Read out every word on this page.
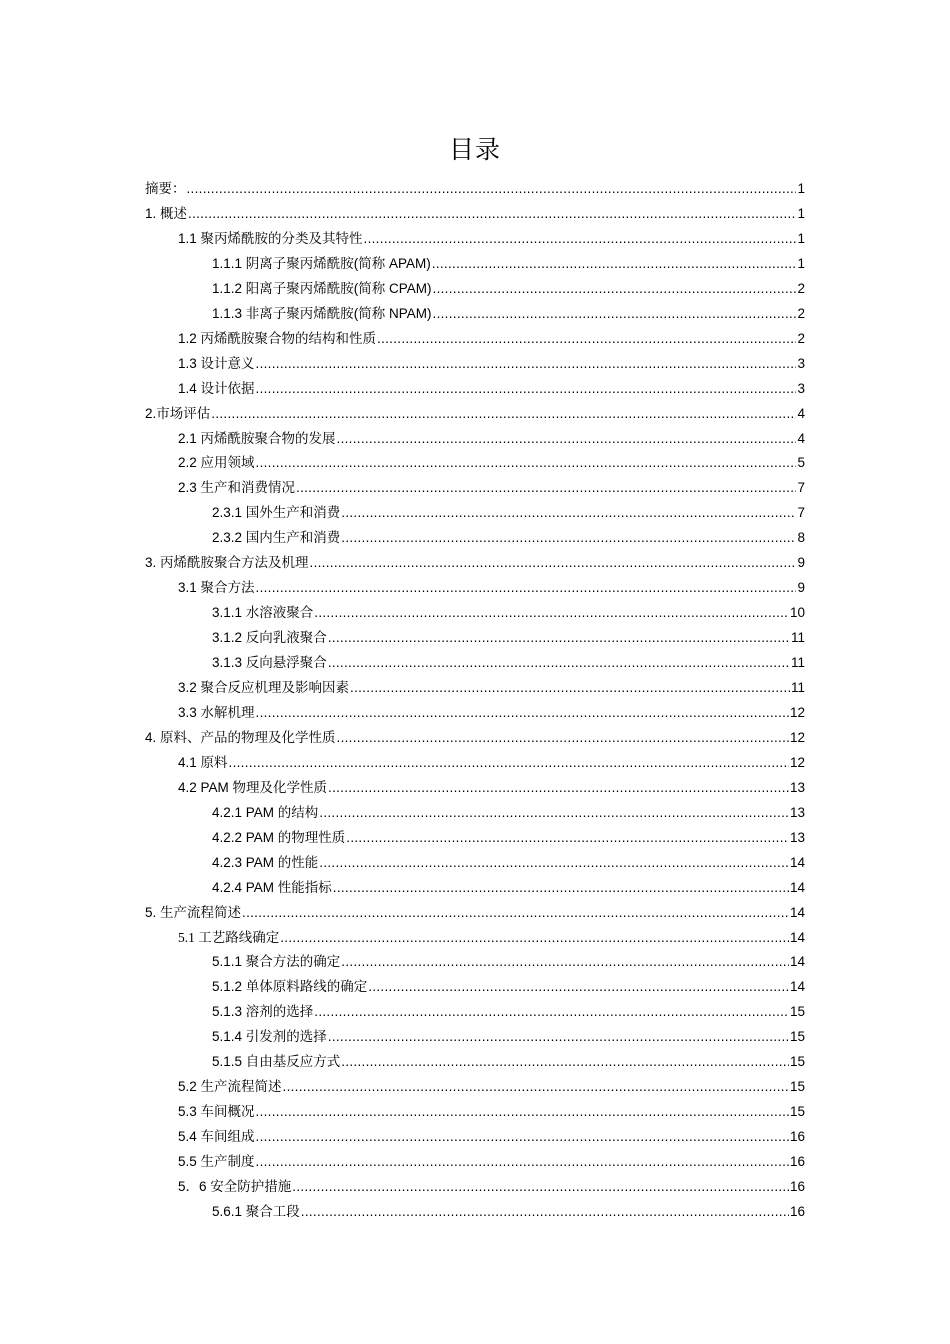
目录
摘要： .....	1
1. 概述 .....	1
1.1 聚丙烯酰胺的分类及其特性 .....	1
1.1.1 阴离子聚丙烯酰胺(简称 APAM) .....	1
1.1.2 阳离子聚丙烯酰胺(简称 CPAM) .....	2
1.1.3 非离子聚丙烯酰胺(简称 NPAM) .....	2
1.2 丙烯酰胺聚合物的结构和性质 .....	2
1.3 设计意义 .....	3
1.4 设计依据 .....	3
2.市场评估 .....	4
2.1 丙烯酰胺聚合物的发展 .....	4
2.2 应用领域 .....	5
2.3 生产和消费情况 .....	7
2.3.1 国外生产和消费 .....	7
2.3.2 国内生产和消费 .....	8
3. 丙烯酰胺聚合方法及机理 .....	9
3.1 聚合方法 .....	9
3.1.1 水溶液聚合 .....	10
3.1.2 反向乳液聚合 .....	11
3.1.3 反向悬浮聚合 .....	11
3.2 聚合反应机理及影响因素 .....	11
3.3 水解机理 .....	12
4. 原料、产品的物理及化学性质 .....	12
4.1 原料 .....	12
4.2 PAM 物理及化学性质 .....	13
4.2.1 PAM 的结构 .....	13
4.2.2 PAM 的物理性质 .....	13
4.2.3 PAM 的性能 .....	14
4.2.4 PAM 性能指标 .....	14
5. 生产流程简述 .....	14
5.1 工艺路线确定 .....	14
5.1.1 聚合方法的确定 .....	14
5.1.2 单体原料路线的确定 .....	14
5.1.3 溶剂的选择 .....	15
5.1.4 引发剂的选择 .....	15
5.1.5 自由基反应方式 .....	15
5.2 生产流程简述 .....	15
5.3 车间概况 .....	15
5.4 车间组成 .....	16
5.5 生产制度 .....	16
5．6 安全防护措施 .....	16
5.6.1 聚合工段 .....	16
